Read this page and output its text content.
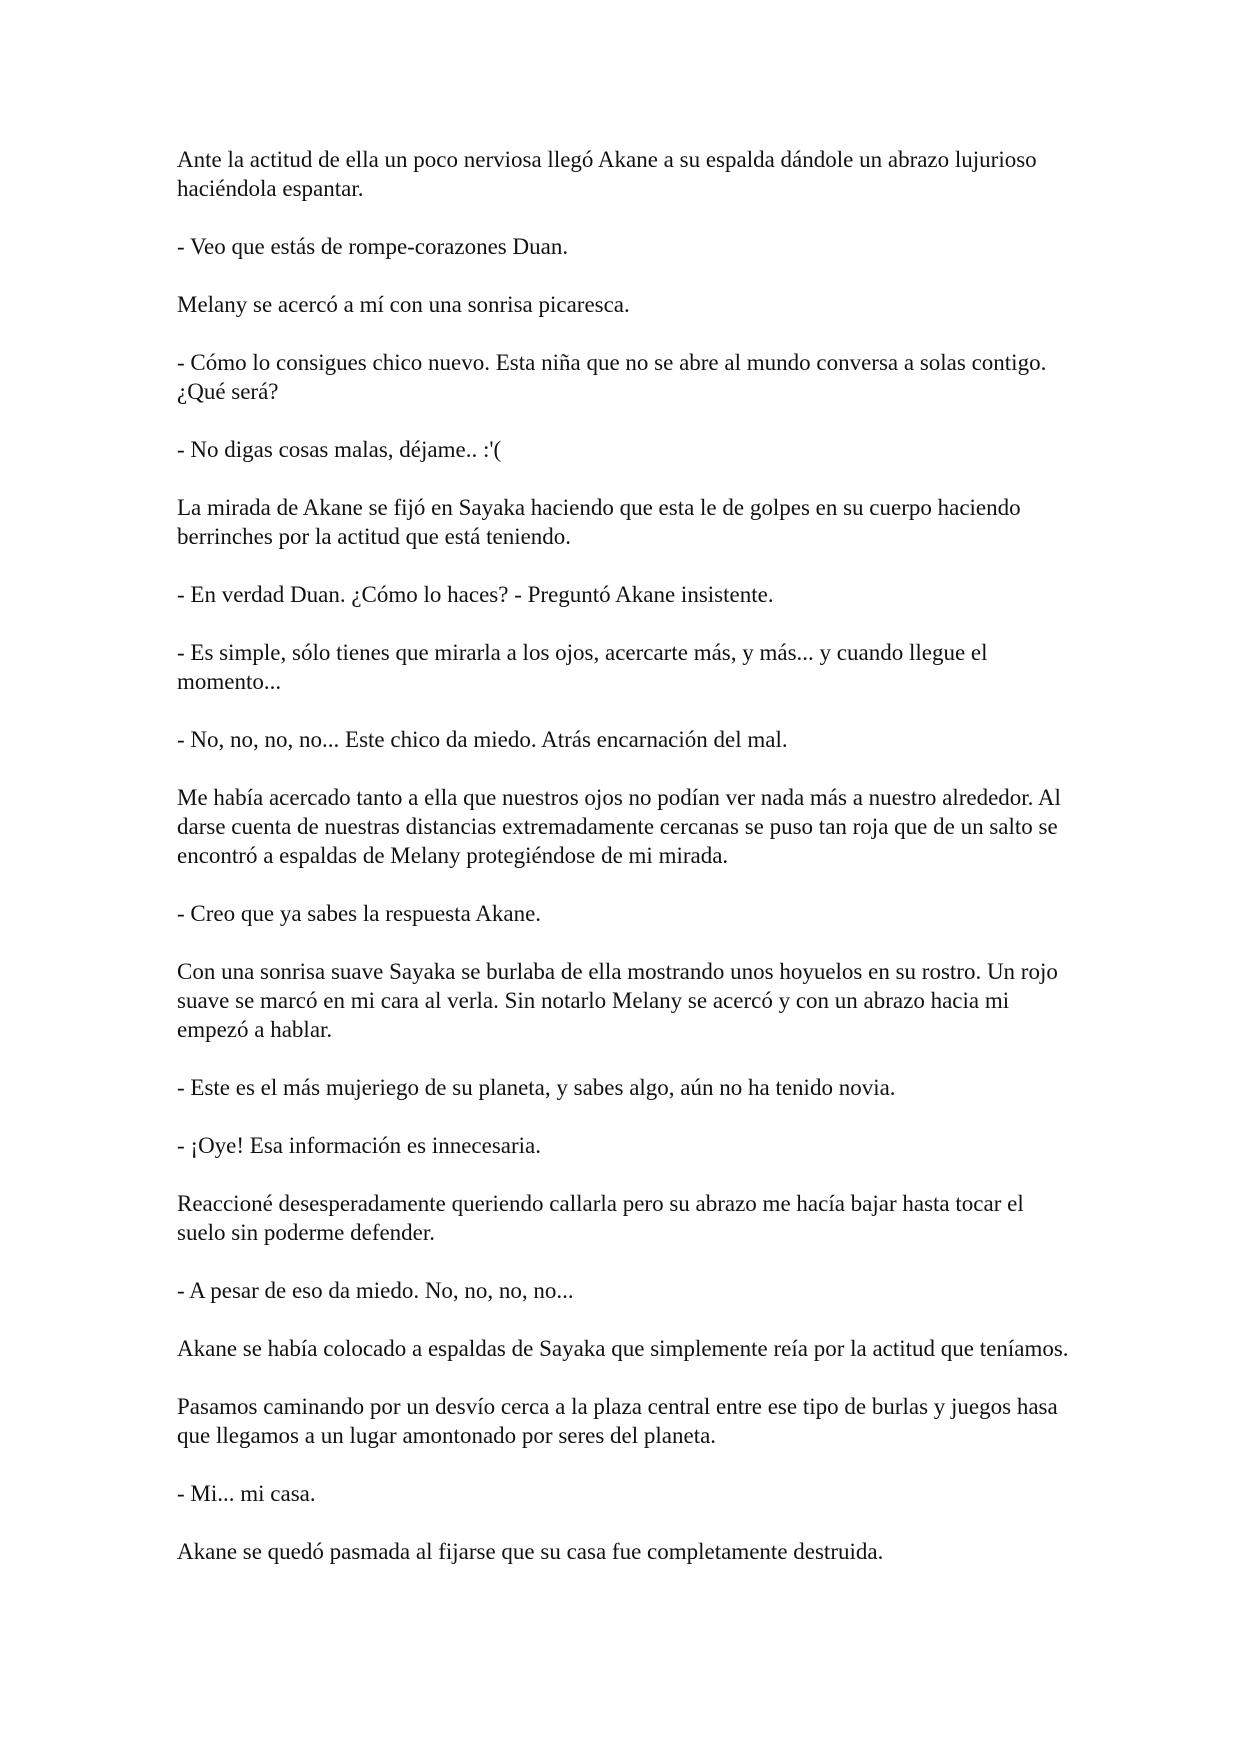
Ante la actitud de ella un poco nerviosa llegó Akane a su espalda dándole un abrazo lujurioso haciéndola espantar.

- Veo que estás de rompe-corazones Duan.

Melany se acercó a mí con una sonrisa picaresca.

- Cómo lo consigues chico nuevo. Esta niña que no se abre al mundo conversa a solas contigo. ¿Qué será?

- No digas cosas malas, déjame.. :'(

La mirada de Akane se fijó en Sayaka haciendo que esta le de golpes en su cuerpo haciendo berrinches por la actitud que está teniendo.

- En verdad Duan. ¿Cómo lo haces? - Preguntó Akane insistente.

- Es simple, sólo tienes que mirarla a los ojos, acercarte más, y más... y cuando llegue el momento...

- No, no, no, no... Este chico da miedo. Atrás encarnación del mal.

Me había acercado tanto a ella que nuestros ojos no podían ver nada más a nuestro alrededor. Al darse cuenta de nuestras distancias extremadamente cercanas se puso tan roja que de un salto se encontró a espaldas de Melany protegiéndose de mi mirada.

- Creo que ya sabes la respuesta Akane.

Con una sonrisa suave Sayaka se burlaba de ella mostrando unos hoyuelos en su rostro. Un rojo suave se marcó en mi cara al verla. Sin notarlo Melany se acercó y con un abrazo hacia mi empezó a hablar.

- Este es el más mujeriego de su planeta, y sabes algo, aún no ha tenido novia.

- ¡Oye! Esa información es innecesaria.

Reaccioné desesperadamente queriendo callarla pero su abrazo me hacía bajar hasta tocar el suelo sin poderme defender.

- A pesar de eso da miedo. No, no, no, no...

Akane se había colocado a espaldas de Sayaka que simplemente reía por la actitud que teníamos.

Pasamos caminando por un desvío cerca a la plaza central entre ese tipo de burlas y juegos hasa que llegamos a un lugar amontonado por seres del planeta.

- Mi... mi casa.

Akane se quedó pasmada al fijarse que su casa fue completamente destruida.
